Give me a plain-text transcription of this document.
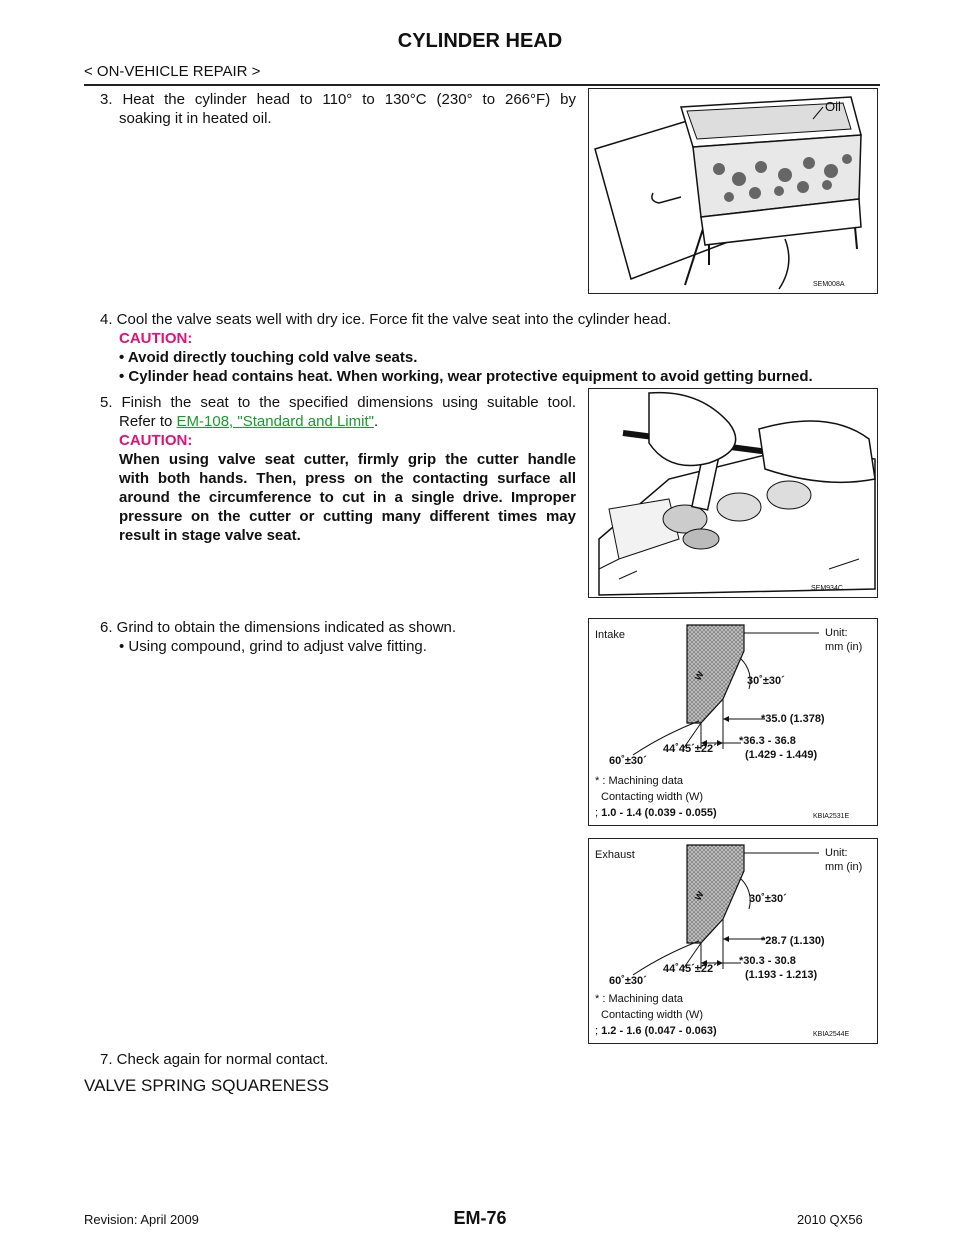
CYLINDER HEAD
< ON-VEHICLE REPAIR >
3. Heat the cylinder head to 110° to 130°C (230° to 266°F) by
soaking it in heated oil.
Oil
SEM008A
4. Cool the valve seats well with dry ice. Force fit the valve seat into the cylinder head.
CAUTION:
• Avoid directly touching cold valve seats.
• Cylinder head contains heat. When working, wear protective equipment to avoid getting burned.
5. Finish the seat to the specified dimensions using suitable tool.
Refer to EM-108, "Standard and Limit".
CAUTION:
When using valve seat cutter, firmly grip the cutter handle
with both hands. Then, press on the contacting surface all
around the circumference to cut in a single drive. Improper
pressure on the cutter or cutting many different times may
result in stage valve seat.
SEM934C
6. Grind to obtain the dimensions indicated as shown.
• Using compound, grind to adjust valve fitting.
Intake	Unit:
mm (in)
30˚±30´
W
*35.0 (1.378)
*36.3 - 36.8
(1.429 - 1.449)
44˚45´±22´
60˚±30´
* : Machining data
Contacting width (W)
; 1.0 - 1.4 (0.039 - 0.055)	KBIA2531E
Exhaust	Unit:
mm (in)
30˚±30´
W
*28.7 (1.130)
*30.3 - 30.8
(1.193 - 1.213)
44˚45´±22´
60˚±30´
* : Machining data
Contacting width (W)
; 1.2 - 1.6 (0.047 - 0.063)	KBIA2544E
7. Check again for normal contact.
VALVE SPRING SQUARENESS
EM-76
Revision: April 2009	2010 QX56
